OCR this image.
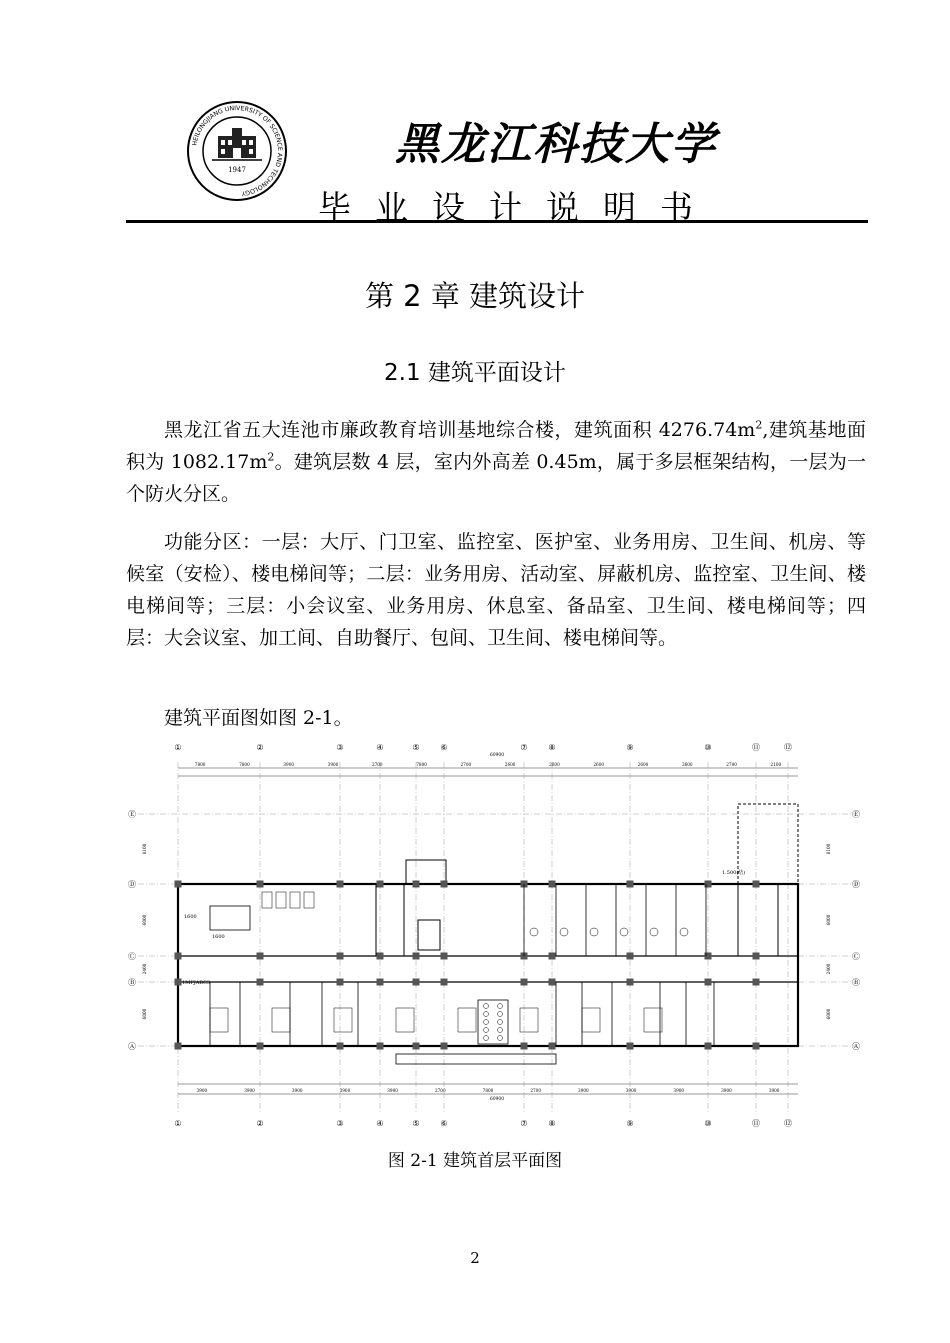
HEILONGJIANG UNIVERSITY OF SCIENCE AND TECHNOLOGY
1947	黑龙江科技大学
毕业设计说明书
第 2 章 建筑设计
2.1 建筑平面设计

黑龙江省五大连池市廉政教育培训基地综合楼，建筑面积 $4276.74m^2$,建筑基地面积为 $1082.17m^2$。建筑层数 4 层，室内外高差 0.45m，属于多层框架结构，一层为一个防火分区。

功能分区：一层：大厅、门卫室、监控室、医护室、业务用房、卫生间、机房、等候室（安检）、楼电梯间等；二层：业务用房、活动室、屏蔽机房、监控室、卫生间、楼电梯间等；三层：小会议室、业务用房、休息室、备品室、卫生间、楼电梯间等；四层：大会议室、加工间、自助餐厅、包间、卫生间、楼电梯间等。

建筑平面图如图 2-1。

①	②	③	④	⑤	⑥	⑦	⑧	⑨	⑩	⑪	⑫
①	②	③	④	⑤	⑥	⑦	⑧	⑨	⑩	⑪	⑫
Ⓔ	Ⓔ
Ⓓ	Ⓓ
Ⓒ	Ⓒ
Ⓑ	Ⓑ
Ⓐ	Ⓐ
7800	7800	3900	3900	2700	7800	2700	2600	2600	2600	2600	2600	2700	2100
3900	3900	3900	3900	3900	2700	7800	2700	3900	3900	3900	3900	3900
8100	8100
6000	6000
2400	2400
6000	6000
60900
60900
1600
1600
1MFJABC3
1.500(结)
图 2-1 建筑首层平面图
2
